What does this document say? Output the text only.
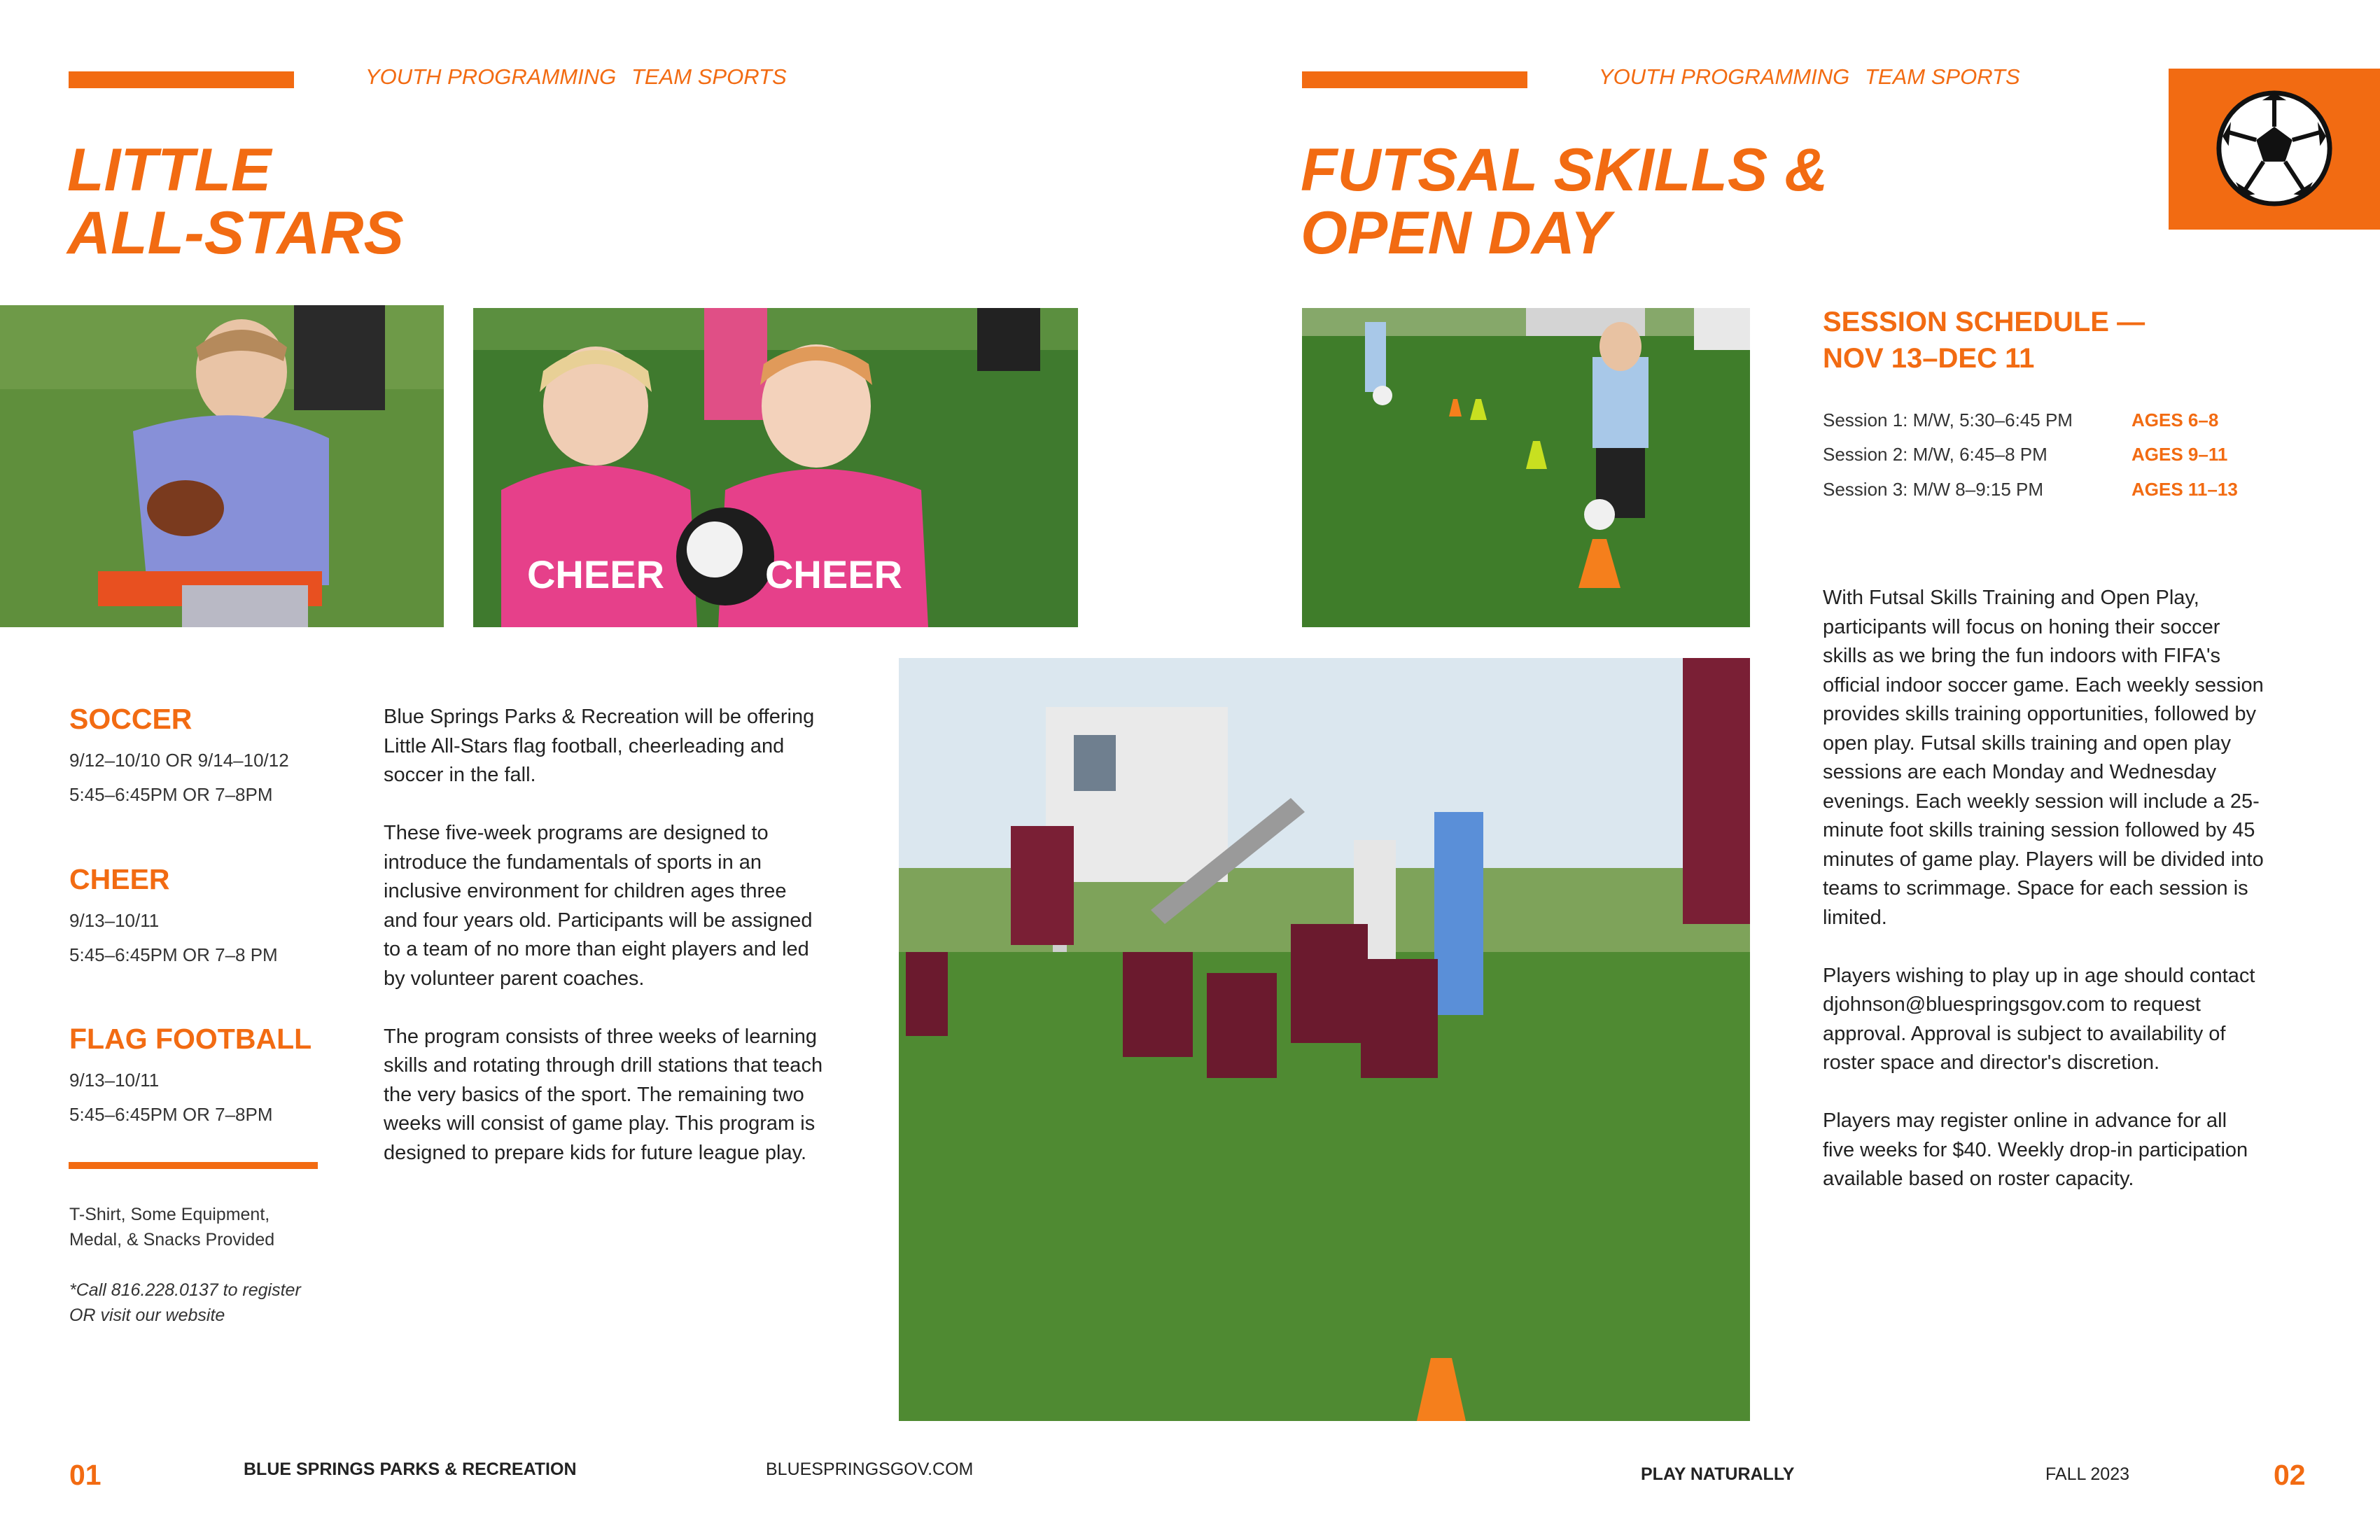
YOUTH PROGRAMMING TEAM SPORTS
LITTLE
ALL-STARS
CHEER	CHEER
SOCCER
9/12–10/10 OR 9/14–10/12
5:45–6:45PM OR 7–8PM
CHEER
9/13–10/11
5:45–6:45PM OR 7–8 PM
FLAG FOOTBALL
9/13–10/11
5:45–6:45PM OR 7–8PM
T-Shirt, Some Equipment,
Medal, & Snacks Provided
*Call 816.228.0137 to register
OR visit our website

Blue Springs Parks & Recreation will be offering Little All-Stars flag football, cheerleading and soccer in the fall.

These five-week programs are designed to introduce the fundamentals of sports in an inclusive environment for children ages three and four years old. Participants will be assigned to a team of no more than eight players and led by volunteer parent coaches.

The program consists of three weeks of learning skills and rotating through drill stations that teach the very basics of the sport. The remaining two weeks will consist of game play. This program is designed to prepare kids for future league play.

01	BLUE SPRINGS PARKS & RECREATION	BLUESPRINGSGOV.COM
YOUTH PROGRAMMING TEAM SPORTS
FUTSAL SKILLS &
OPEN DAY
SESSION SCHEDULE —
NOV 13–DEC 11
Session 1: M/W, 5:30–6:45 PM	AGES 6–8
Session 2: M/W, 6:45–8 PM	AGES 9–11
Session 3: M/W 8–9:15 PM	AGES 11–13

With Futsal Skills Training and Open Play, participants will focus on honing their soccer skills as we bring the fun indoors with FIFA's official indoor soccer game. Each weekly session provides skills training opportunities, followed by open play. Futsal skills training and open play sessions are each Monday and Wednesday evenings. Each weekly session will include a 25-minute foot skills training session followed by 45 minutes of game play. Players will be divided into teams to scrimmage. Space for each session is limited.

Players wishing to play up in age should contact djohnson@bluespringsgov.com to request approval. Approval is subject to availability of roster space and director's discretion.

Players may register online in advance for all five weeks for $40. Weekly drop-in participation available based on roster capacity.

PLAY NATURALLY	FALL 2023	02
